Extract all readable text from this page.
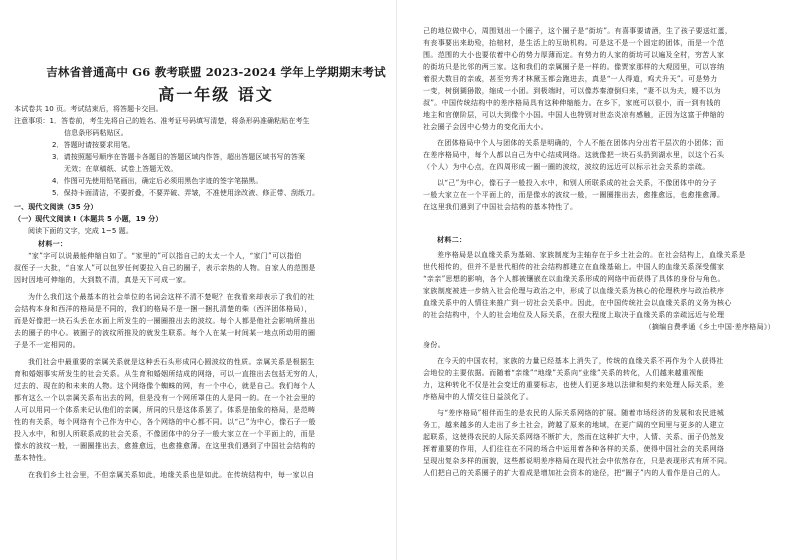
吉林省普通高中 G6 教考联盟 2023-2024 学年上学期期末考试
高一年级 语文
本试卷共 10 页。考试结束后，将答题卡交回。
注意事项：1．答卷前，考生先将自己的姓名、准考证号码填写清楚，将条形码准确粘贴在考生
信息条形码粘贴区。
2．答题时请按要求用笔。
3．请按照题号顺序在答题卡各题目的答题区域内作答，超出答题区域书写的答案
无效；在草稿纸、试卷上答题无效。
4．作图可先使用铅笔画出，确定后必须用黑色字迹的签字笔描黑。
5．保持卡面清洁，不要折叠，不要弄破、弄皱，不准使用涂改液、修正带、刮纸刀。
一、现代文阅读（35 分）
（一）现代文阅读 I（本题共 5 小题，19 分）
阅读下面的文字，完成 1~5 题。
材料一：
“家”字可以说最能伸缩自如了。“家里的”可以指自己的太太一个人，“家门”可以指伯
叔侄子一大批，“自家人”可以包罗任何要拉入自己的圈子，表示亲热的人物。自家人的范围是
因时因地可伸缩的，大到数不清，真是天下可成一家。
为什么我们这个最基本的社会单位的名词会这样不清不楚呢？在我看来却表示了我们的社
会结构本身和西洋的格局是不同的，我们的格局不是一捆一捆扎清楚的柴（西洋团体格局），
而是好像把一块石头丢在水面上所发生的一圈圈推出去的波纹。每个人都是他社会影响所推出
去的圈子的中心。被圈子的波纹所推及的就发生联系。每个人在某一时间某一地点所动用的圈
子是不一定相同的。
我们社会中最重要的亲属关系就是这种丢石头形成同心圆波纹的性质。亲属关系是根据生
育和婚姻事实所发生的社会关系。从生育和婚姻所结成的网络，可以一直推出去包括无穷的人，
过去的、现在的和未来的人物。这个网络像个蜘蛛的网，有一个中心，就是自己。我们每个人
都有这么一个以亲属关系布出去的网，但是没有一个网所罩住的人是同一的。在一个社会里的
人可以用同一个体系来记认他们的亲属，所同的只是这体系罢了。体系是抽象的格局，是范畴
性的有关系，每个网络有个己作为中心，各个网络的中心都不同。以“己”为中心，像石子一般
投入水中，和别人所联系成的社会关系，不像团体中的分子一般大家立在一个平面上的，而是
像水的波纹一般，一圈圈推出去，愈推愈远，也愈推愈薄。在这里我们遇到了中国社会结构的
基本特性。
在我们乡土社会里，不但亲属关系如此，地缘关系也是如此。在传统结构中，每一家以自
己的地位做中心，周围划出一个圈子，这个圈子是“街坊”。有喜事要请酒，生了孩子要送红蛋，
有丧事要出来助殓，抬棺材，是生活上的互助机构。可是这不是一个固定的团体，而是一个范
围。范围的大小也要依着中心的势力厚薄而定。有势力的人家的街坊可以遍及全村，穷苦人家
的街坊只是比邻的两三家。这和我们的亲属圈子是一样的。像贾家那样的大观园里，可以容纳
着很大数目的亲戚，甚至穷秀才林黛玉都会跑进去，真是“一人得道，鸡犬升天”。可是势力
一变，树倒猢狲散，缩成一小团。到极端时，可以像苏秦潦倒归来，“妻不以为夫，嫂不以为
叔”。中国传统结构中的差序格局具有这种伸缩能力。在乡下，家庭可以很小，而一到有钱的
地主和官僚阶层，可以大到像个小国。中国人也特别对世态炎凉有感触，正因为这富于伸缩的
社会圈子会因中心势力的变化而大小。
在团体格局中个人与团体的关系是明确的，个人不能在团体内分出若干层次的小团体；而
在差序格局中，每个人都以自己为中心结成网络。这就像把一块石头扔到湖水里，以这个石头
（个人）为中心点，在四周形成一圈一圈的波纹，波纹的远近可以标示社会关系的亲疏。
以“己”为中心，像石子一般投入水中，和别人所联系成的社会关系，不像团体中的分子
一般大家立在一个平面上的，而是像水的波纹一般，一圈圈推出去，愈推愈远，也愈推愈薄。
在这里我们遇到了中国社会结构的基本特性了。
材料二：
差序格局是以血缘关系为基础、家族制度为主轴存在于乡土社会的。在社会结构上，血缘关系是
世代相传的，但并不是世代相传的社会结构都建立在血缘基础上。中国人的血缘关系深受儒家
“亲亲”思想的影响，各个人都被镶嵌在以血缘关系形成的网络中而获得了具体的身份与角色。
家族制度被进一步纳入社会伦理与政治之中，形成了以血缘关系为核心的伦理秩序与政治秩序
血缘关系中的人情往来推广到一切社会关系中。因此，在中国传统社会以血缘关系的义务为核心
的社会结构中，个人的社会地位及人际关系，在很大程度上取决于血缘关系的亲疏远近与伦理
身份。
在今天的中国农村，家族的力量已经基本上消失了，传统的血缘关系不再作为个人获得社
会地位的主要依据。而随着“亲缘”“地缘”关系向“业缘”关系的转化，人们越来越重视能
力，这种转化不仅是社会变迁的重要标志，也使人们更多地以法律和契约来处理人际关系，差
序格局中的人情交往日益淡化了。
与“差序格局”相伴而生的是农民的人际关系网络的扩展。随着市场经济的发展和农民进城
务工，越来越多的人走出了乡土社会，跨越了原来的地域，在更广阔的空间里与更多的人建立
起联系，这使得农民的人际关系网络不断扩大，然而在这种扩大中，人情、关系、面子仍然发
挥着重要的作用，人们往往在不同的场合中运用着各种各样的关系，使得中国社会的关系网络
呈现出复杂多样的面貌，这些都说明差序格局在现代社会中依然存在，只是表现形式有所不同。
人们把自己的关系圈子的扩大看成是增加社会资本的途径，把“圈子”内的人看作是自己的人。
（摘编自费孝通《乡土中国·差序格局》）
